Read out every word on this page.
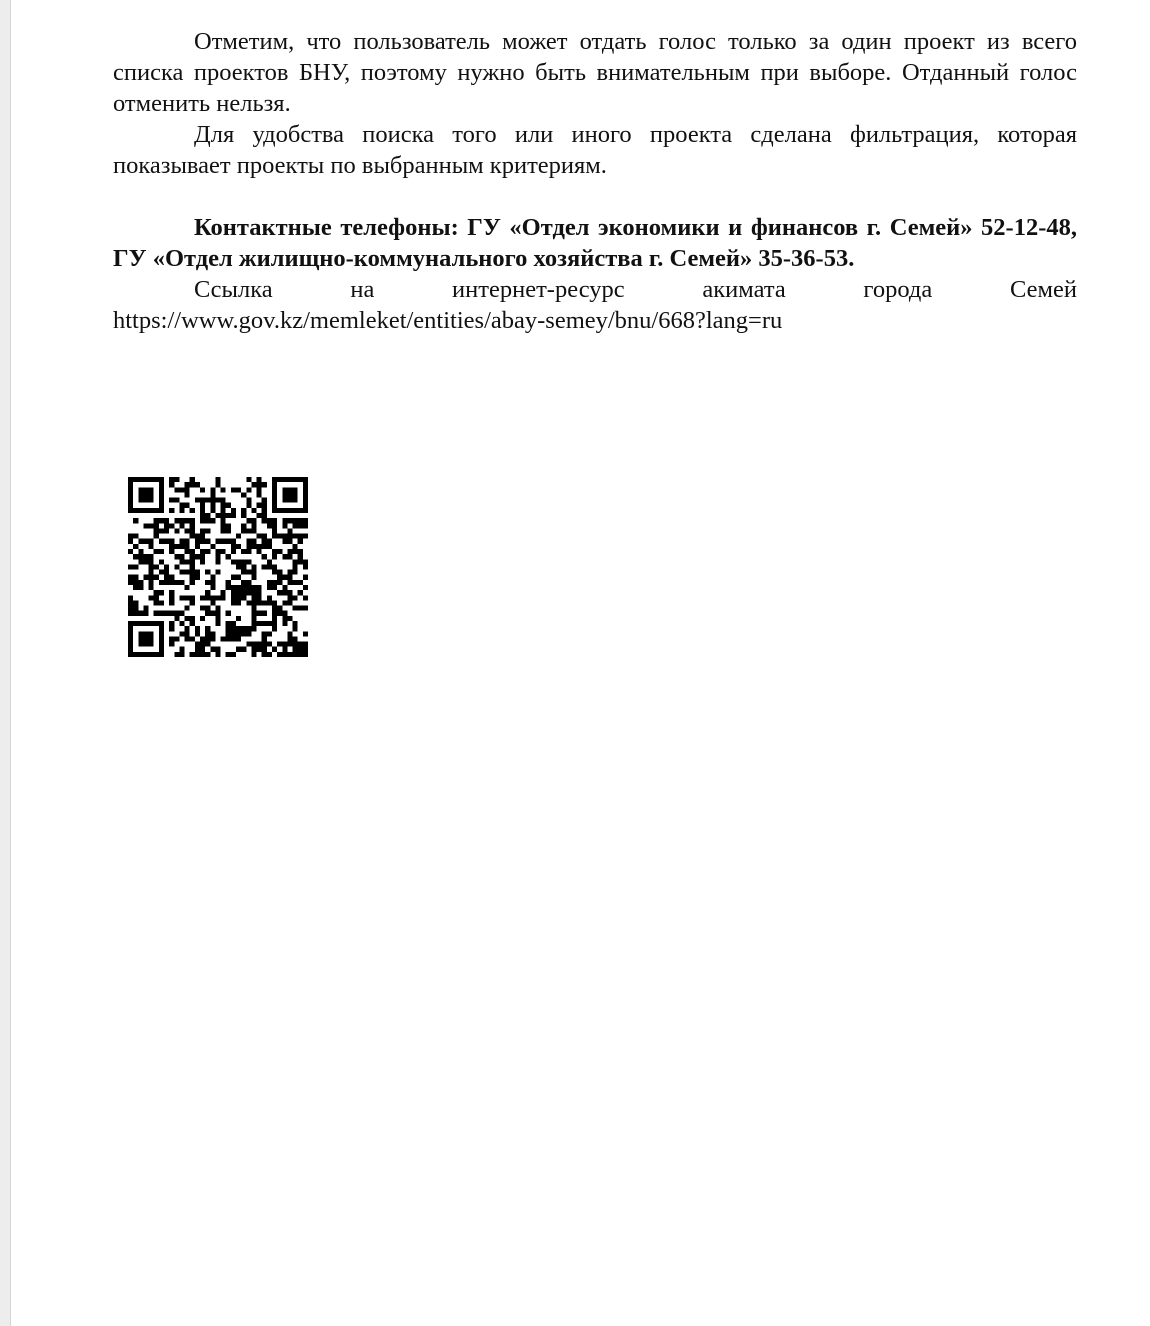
Отметим, что пользователь может отдать голос только за один проект из всего списка проектов БНУ, поэтому нужно быть внимательным при выборе. Отданный голос отменить нельзя.

Для удобства поиска того или иного проекта сделана фильтрация, которая показывает проекты по выбранным критериям.

Контактные телефоны: ГУ «Отдел экономики и финансов г. Семей» 52-12-48, ГУ «Отдел жилищно-коммунального хозяйства г. Семей» 35-36-53.

Ссылка на интернет-ресурс акимата города Семей

https://www.gov.kz/memleket/entities/abay-semey/bnu/668?lang=ru
